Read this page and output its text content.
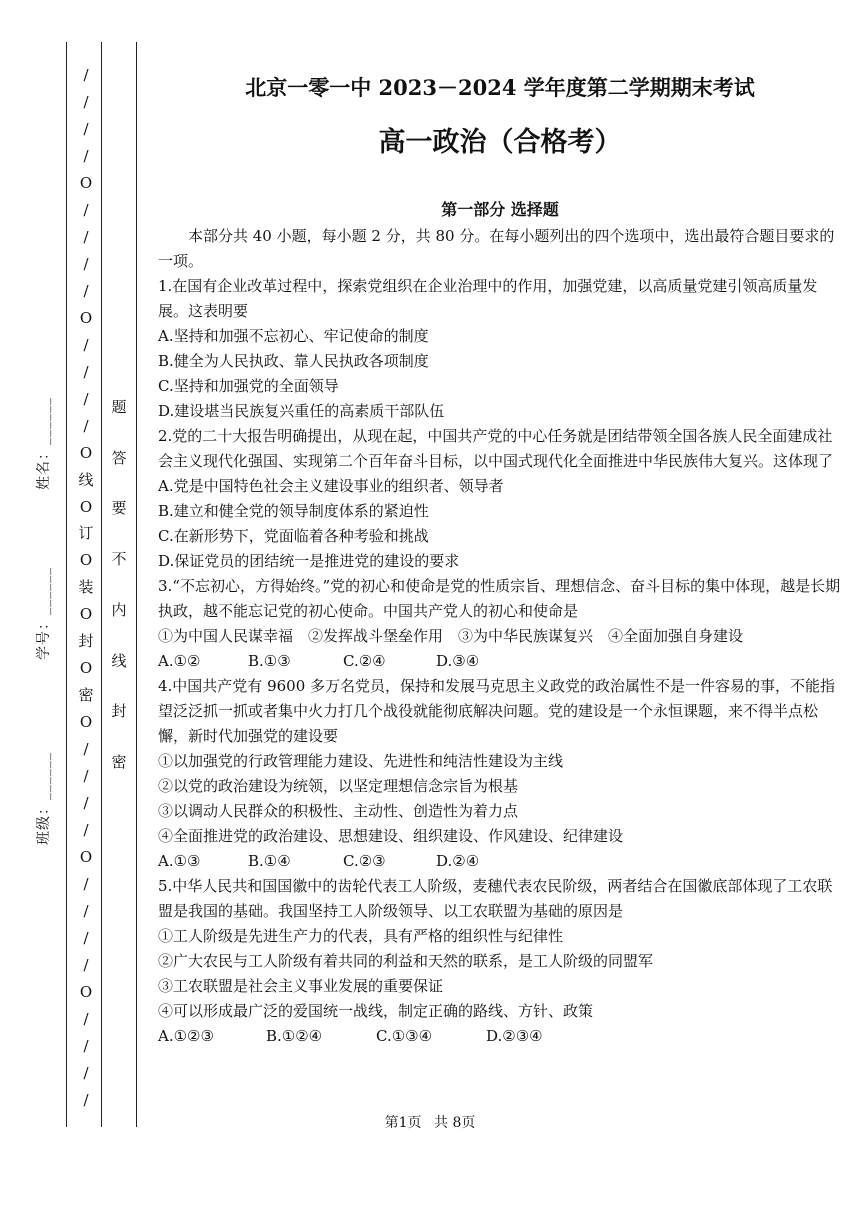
班级：______
学号：______
姓名：______
/
/
/
/
O
/
/
/
/
O
/
/
/
/
O
线
O
订
O
装
O
封
O
密
O
/
/
/
/
O
/
/
/
/
O
/
/
/
/
密
封
线
内
不
要
答
题
北京一零一中 2023－2024 学年度第二学期期末考试
高一政治（合格考）
第一部分 选择题

本部分共 40 小题，每小题 2 分，共 80 分。在每小题列出的四个选项中，选出最符合题目要求的一项。

1.在国有企业改革过程中，探索党组织在企业治理中的作用，加强党建，以高质量党建引领高质量发展。这表明要

A.坚持和加强不忘初心、牢记使命的制度

B.健全为人民执政、靠人民执政各项制度

C.坚持和加强党的全面领导

D.建设堪当民族复兴重任的高素质干部队伍

2.党的二十大报告明确提出，从现在起，中国共产党的中心任务就是团结带领全国各族人民全面建成社会主义现代化强国、实现第二个百年奋斗目标，以中国式现代化全面推进中华民族伟大复兴。这体现了

A.党是中国特色社会主义建设事业的组织者、领导者

B.建立和健全党的领导制度体系的紧迫性

C.在新形势下，党面临着各种考验和挑战

D.保证党员的团结统一是推进党的建设的要求

3.“不忘初心，方得始终。”党的初心和使命是党的性质宗旨、理想信念、奋斗目标的集中体现，越是长期执政，越不能忘记党的初心使命。中国共产党人的初心和使命是

①为中国人民谋幸福　②发挥战斗堡垒作用　③为中华民族谋复兴　④全面加强自身建设

A.①②	B.①③	C.②④	D.③④

4.中国共产党有 9600 多万名党员，保持和发展马克思主义政党的政治属性不是一件容易的事，不能指望泛泛抓一抓或者集中火力打几个战役就能彻底解决问题。党的建设是一个永恒课题，来不得半点松懈，新时代加强党的建设要

①以加强党的行政管理能力建设、先进性和纯洁性建设为主线

②以党的政治建设为统领，以坚定理想信念宗旨为根基

③以调动人民群众的积极性、主动性、创造性为着力点

④全面推进党的政治建设、思想建设、组织建设、作风建设、纪律建设

A.①③	B.①④	C.②③	D.②④

5.中华人民共和国国徽中的齿轮代表工人阶级，麦穗代表农民阶级，两者结合在国徽底部体现了工农联盟是我国的基础。我国坚持工人阶级领导、以工农联盟为基础的原因是

①工人阶级是先进生产力的代表，具有严格的组织性与纪律性

②广大农民与工人阶级有着共同的利益和天然的联系，是工人阶级的同盟军

③工农联盟是社会主义事业发展的重要保证

④可以形成最广泛的爱国统一战线，制定正确的路线、方针、政策

A.①②③	B.①②④	C.①③④	D.②③④
第1页 共 8页
